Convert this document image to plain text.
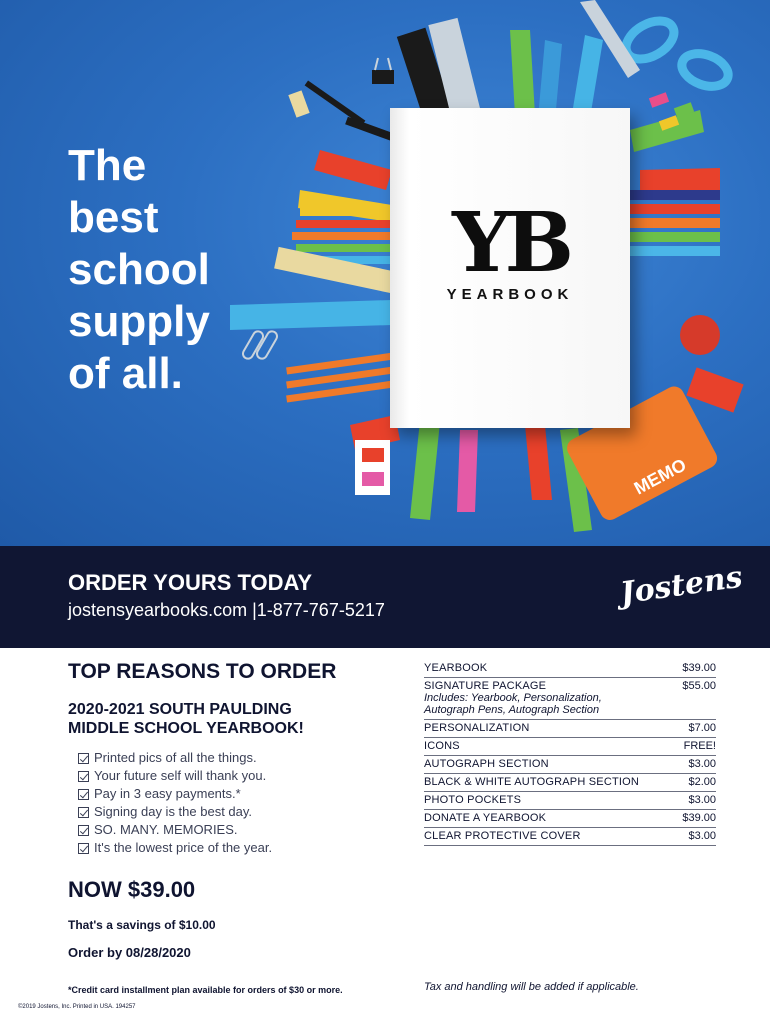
MEMO
The
best
school
supply
of all.
YB
YEARBOOK
ORDER YOURS TODAY
jostensyearbooks.com |1-877-767-5217	Jostens
TOP REASONS TO ORDER
2020-2021 SOUTH PAULDING
MIDDLE SCHOOL YEARBOOK!
Printed pics of all the things.
Your future self will thank you.
Pay in 3 easy payments.*
Signing day is the best day.
SO. MANY. MEMORIES.
It's the lowest price of the year.
NOW $39.00
That's a savings of $10.00
Order by 08/28/2020
*Credit card installment plan available for orders of $30 or more.
©2019 Jostens, Inc. Printed in USA. 194257
YEARBOOK	$39.00
SIGNATURE PACKAGE	$55.00
Includes: Yearbook, Personalization, Autograph Pens, Autograph Section
PERSONALIZATION	$7.00
ICONS	FREE!
AUTOGRAPH SECTION	$3.00
BLACK & WHITE AUTOGRAPH SECTION	$2.00
PHOTO POCKETS	$3.00
DONATE A YEARBOOK	$39.00
CLEAR PROTECTIVE COVER	$3.00
Tax and handling will be added if applicable.
